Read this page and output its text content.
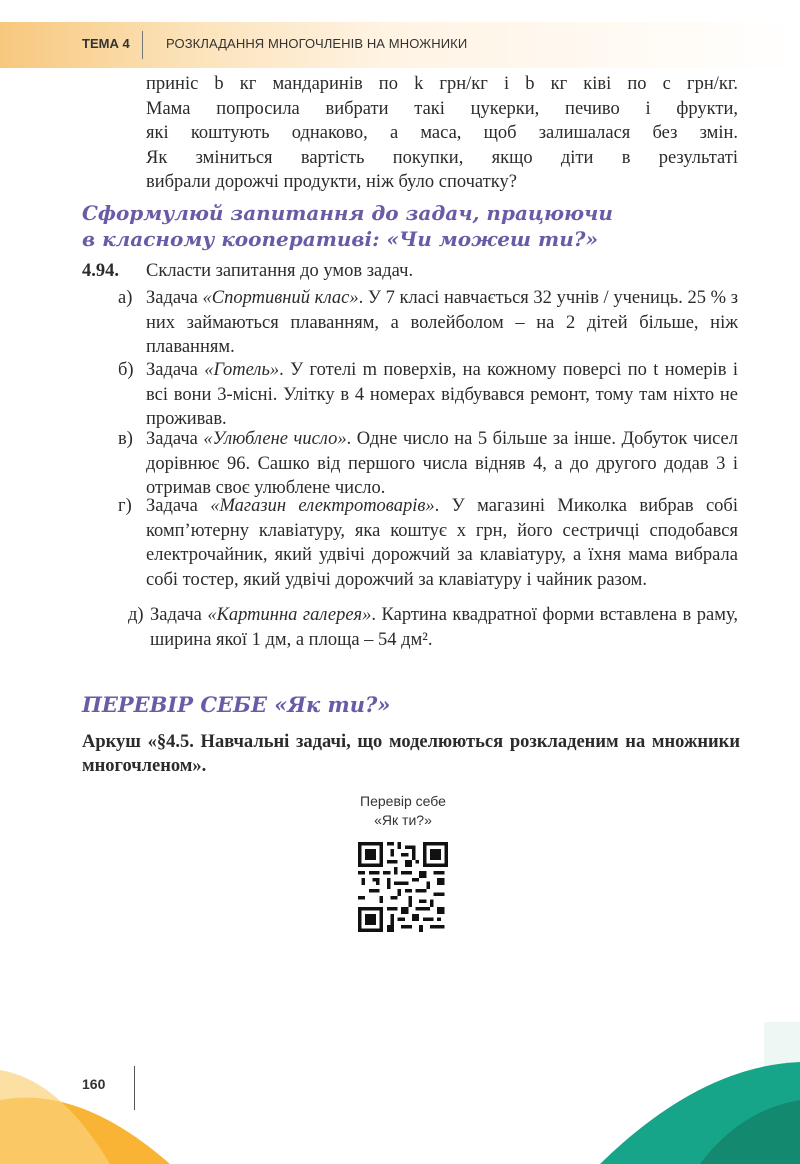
ТЕМА 4	РОЗКЛАДАННЯ МНОГОЧЛЕНІВ НА МНОЖНИКИ
приніс b кг мандаринів по k грн/кг і b кг ківі по c грн/кг.
Мама попросила вибрати такі цукерки, печиво і фрукти,
які коштують однаково, а маса, щоб залишалася без змін.
Як зміниться вартість покупки, якщо діти в результаті
вибрали дорожчі продукти, ніж було спочатку?
Сформулюй запитання до задач, працюючи
в класному кооперативі: «Чи можеш ти?»
4.94. Скласти запитання до умов задач.
а) Задача «Спортивний клас». У 7 класі навчається 32 учнів / учениць. 25 % з них займаються плаванням, а волейболом – на 2 дітей більше, ніж плаванням.
б) Задача «Готель». У готелі m поверхів, на кожному поверсі по t номерів і всі вони 3-місні. Улітку в 4 номерах відбувався ремонт, тому там ніхто не проживав.
в) Задача «Улюблене число». Одне число на 5 більше за інше. Добуток чисел дорівнює 96. Сашко від першого числа відняв 4, а до другого додав 3 і отримав своє улюблене число.
г) Задача «Магазин електротоварів». У магазині Миколка вибрав собі комп’ютерну клавіатуру, яка коштує x грн, його сестричці сподобався електрочайник, який удвічі дорожчий за клавіатуру, а їхня мама вибрала собі тостер, який удвічі дорожчий за клавіатуру і чайник разом.
д) Задача «Картинна галерея». Картина квадратної форми вставлена в раму, ширина якої 1 дм, а площа – 54 дм².
ПЕРЕВІР СЕБЕ «Як ти?»
Аркуш «§4.5. Навчальні задачі, що моделюються розкладеним на множники многочленом».
Перевір себе
«Як ти?»
160
